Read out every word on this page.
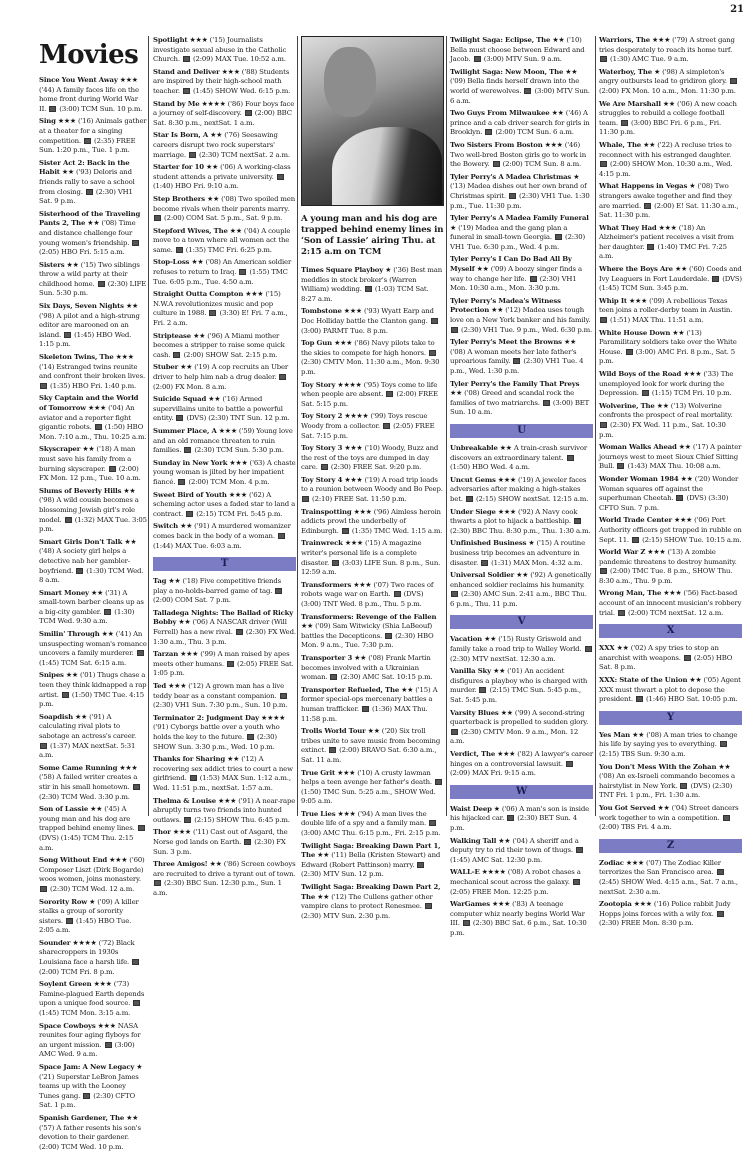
21
Movies
Since You Went Away ★★★ ('44) A family faces life on the home front during World War II. (3:00) TCM Sun. 10 p.m.
Sing ★★★ ('16) Animals gather at a theater for a singing competition. (2:35) FREE Sun. 1:20 p.m., Tue. 1 p.m.
Sister Act 2: Back in the Habit ★★ ('93) Deloris and friends rally to save a school from closing. (2:30) VH1 Sat. 9 p.m.
Sisterhood of the Traveling Pants 2, The ★★ ('08) Time and distance challenge four young women's friendship.  (2:05) HBO Fri. 5:15 a.m.
Sisters ★★ ('15) Two siblings throw a wild party at their childhood home. (2:30) LIFE Sun. 5:30 p.m.
Six Days, Seven Nights ★★ ('98) A pilot and a high-strung editor are marooned on an island. (1:45) HBO Wed. 1:15 p.m.
Skeleton Twins, The ★★★ ('14) Estranged twins reunite and confront their broken lives.  (1:35) HBO Fri. 1:40 p.m.
Sky Captain and the World of Tomorrow ★★★ ('04) An aviator and a reporter fight gigantic robots. (1:50) HBO Mon. 7:10 a.m., Thu. 10:25 a.m.
Skyscraper ★★ ('18) A man must save his family from a burning skyscraper. (2:00) FX Mon. 12 p.m., Tue. 10 a.m.
Slums of Beverly Hills ★★ ('98) A wild cousin becomes a blossoming Jewish girl's role model. (1:32) MAX Tue. 3:05 p.m.
Smart Girls Don't Talk ★★ ('48) A society girl helps a detective nab her gambler-boyfriend. (1:30) TCM Wed. 8 a.m.
Smart Money ★★ ('31) A small-town barber cleans up as a big-city gambler. (1:30) TCM Wed. 9:30 a.m.
Smilin' Through ★★ ('41) An unsuspecting woman's romance uncovers a family murderer.  (1:45) TCM Sat. 6:15 a.m.
Snipes ★★ ('01) Thugs chase a teen they think kidnapped a rap artist. (1:50) TMC Tue. 4:15 p.m.
Soapdish ★★ ('91) A calculating rival plots to sabotage an actress's career.  (1:37) MAX nextSat. 5:31 a.m.
Some Came Running ★★★ ('58) A failed writer creates a stir in his small hometown.  (2:30) TCM Wed. 3:30 p.m.
Son of Lassie ★★ ('45) A young man and his dog are trapped behind enemy lines.  (DVS) (1:45) TCM Thu. 2:15 a.m.
Song Without End ★★★ ('60) Composer Liszt (Dirk Bogarde) woos women, joins monastery.  (2:30) TCM Wed. 12 a.m.
Sorority Row ★ ('09) A killer stalks a group of sorority sisters. (1:45) HBO Tue. 2:05 a.m.
Sounder ★★★★ ('72) Black sharecroppers in 1930s Louisiana face a harsh life.  (2:00) TCM Fri. 8 p.m.
Soylent Green ★★★ ('73) Famine-plagued Earth depends upon a unique food source.  (1:45) TCM Mon. 3:15 a.m.
Space Cowboys ★★★ NASA reunites four aging flyboys for an urgent mission. (3:00) AMC Wed. 9 a.m.
Space Jam: A New Legacy ★ ('21) Superstar LeBron James teams up with the Looney Tunes gang. (2:30) CFTO Sat. 1 p.m.
Spanish Gardener, The ★★ ('57) A father resents his son's devotion to their gardener. (2:00) TCM Wed. 10 p.m.
Spotlight ★★★ ('15) Journalists investigate sexual abuse in the Catholic Church. (2:09) MAX Tue. 10:52 a.m.
Stand and Deliver ★★★ ('88) Students are inspired by their high-school math teacher. (1:45) SHOW Wed. 6:15 p.m.
Stand by Me ★★★★ ('86) Four boys face a journey of self-discovery. (2:00) BBC Sat. 8:30 p.m., nextSat. 1 a.m.
Star Is Born, A ★★ ('76) Seesawing careers disrupt two rock superstars' marriage. (2:30) TCM nextSat. 2 a.m.
Starter for 10 ★★ ('06) A working-class student attends a private university.  (1:40) HBO Fri. 9:10 a.m.
Step Brothers ★★ ('08) Two spoiled men become rivals when their parents marry.  (2:00) COM Sat. 5 p.m., Sat. 9 p.m.
Stepford Wives, The ★★ ('04) A couple move to a town where all women act the same. (1:35) TMC Fri. 6:25 p.m.
Stop-Loss ★★ ('08) An American soldier refuses to return to Iraq. (1:55) TMC Tue. 6:05 p.m., Tue. 4:50 a.m.
Straight Outta Compton ★★★ ('15) N.W.A revolutionizes music and pop culture in 1988. (3:30) E! Fri. 7 a.m., Fri. 2 a.m.
Striptease ★★ ('96) A Miami mother becomes a stripper to raise some quick cash. (2:00) SHOW Sat. 2:15 p.m.
Stuber ★★ ('19) A cop recruits an Uber driver to help him nab a drug dealer.  (2:00) FX Mon. 8 a.m.
Suicide Squad ★★ ('16) Armed supervillains unite to battle a powerful entity. (DVS) (2:30) TNT Sun. 12 p.m.
Summer Place, A ★★★ ('59) Young love and an old romance threaten to ruin families. (2:30) TCM Sun. 5:30 p.m.
Sunday in New York ★★★ ('63) A chaste young woman is jilted by her impatient fiancé. (2:00) TCM Mon. 4 p.m.
Sweet Bird of Youth ★★★ ('62) A scheming actor uses a faded star to land a contract. (2:15) TCM Fri. 5:45 p.m.
Switch ★★ ('91) A murdered womanizer comes back in the body of a woman.  (1:44) MAX Tue. 6:03 a.m.
T
Tag ★★ ('18) Five competitive friends play a no-holds-barred game of tag.  (2:00) COM Sat. 7 p.m.
Talladega Nights: The Ballad of Ricky Bobby ★★ ('06) A NASCAR driver (Will Ferrell) has a new rival. (2:30) FX Wed. 1:30 a.m., Thu. 3 p.m.
Tarzan ★★★ ('99) A man raised by apes meets other humans. (2:05) FREE Sat. 1:05 p.m.
Ted ★★★ ('12) A grown man has a live teddy bear as a constant companion.  (2:30) VH1 Sun. 7:30 p.m., Sun. 10 p.m.
Terminator 2: Judgment Day ★★★★ ('91) Cyborgs battle over a youth who holds the key to the future. (2:30) SHOW Sun. 3:30 p.m., Wed. 10 p.m.
Thanks for Sharing ★★ ('12) A recovering sex addict tries to court a new girlfriend. (1:53) MAX Sun. 1:12 a.m., Wed. 11:51 p.m., nextSat. 1:57 a.m.
Thelma & Louise ★★★ ('91) A near-rape abruptly turns two friends into hunted outlaws. (2:15) SHOW Thu. 6:45 p.m.
Thor ★★★ ('11) Cast out of Asgard, the Norse god lands on Earth. (2:30) FX Sun. 3 p.m.
Three Amigos! ★★ ('86) Screen cowboys are recruited to drive a tyrant out of town.  (2:30) BBC Sun. 12:30 p.m., Sun. 1 a.m.
A young man and his dog are trapped behind enemy lines in ‘Son of Lassie’ airing Thu. at 2:15 a.m on TCM
Times Square Playboy ★ ('36) Best man meddles in stock broker's (Warren William) wedding. (1:03) TCM Sat. 8:27 a.m.
Tombstone ★★★ ('93) Wyatt Earp and Doc Holliday battle the Clanton gang.  (3:00) PARMT Tue. 8 p.m.
Top Gun ★★★ ('86) Navy pilots take to the skies to compete for high honors.  (2:30) CMTV Mon. 11:30 a.m., Mon. 9:30 p.m.
Toy Story ★★★★ ('95) Toys come to life when people are absent. (2:00) FREE Sat. 5:15 p.m.
Toy Story 2 ★★★★ ('99) Toys rescue Woody from a collector. (2:05) FREE Sat. 7:15 p.m.
Toy Story 3 ★★★ ('10) Woody, Buzz and the rest of the toys are dumped in day care. (2:30) FREE Sat. 9:20 p.m.
Toy Story 4 ★★★ ('19) A road trip leads to a reunion between Woody and Bo Peep.  (2:10) FREE Sat. 11:50 p.m.
Trainspotting ★★★ ('96) Aimless heroin addicts prowl the underbelly of Edinburgh. (1:35) TMC Wed. 1:15 a.m.
Trainwreck ★★★ ('15) A magazine writer's personal life is a complete disaster. (3:03) LIFE Sun. 8 p.m., Sun. 12:59 a.m.
Transformers ★★★ ('07) Two races of robots wage war on Earth. (DVS) (3:00) TNT Wed. 8 p.m., Thu. 5 p.m.
Transformers: Revenge of the Fallen ★★ ('09) Sam Witwicky (Shia LaBeouf) battles the Decepticons. (2:30) HBO Mon. 9 a.m., Tue. 7:30 p.m.
Transporter 3 ★★ ('08) Frank Martin becomes involved with a Ukrainian woman. (2:30) AMC Sat. 10:15 p.m.
Transporter Refueled, The ★★ ('15) A former special-ops mercenary battles a human trafficker. (1:36) MAX Thu. 11:58 p.m.
Trolls World Tour ★★ ('20) Six troll tribes unite to save music from becoming extinct. (2:00) BRAVO Sat. 6:30 a.m., Sat. 11 a.m.
True Grit ★★★ ('10) A crusty lawman helps a teen avenge her father's death.  (1:50) TMC Sun. 5:25 a.m., SHOW Wed. 9:05 a.m.
True Lies ★★★ ('94) A man lives the double life of a spy and a family man.  (3:00) AMC Thu. 6:15 p.m., Fri. 2:15 p.m.
Twilight Saga: Breaking Dawn Part 1, The ★★ ('11) Bella (Kristen Stewart) and Edward (Robert Pattinson) marry.  (2:30) MTV Sun. 12 p.m.
Twilight Saga: Breaking Dawn Part 2, The ★★ ('12) The Cullens gather other vampire clans to protect Renesmee.  (2:30) MTV Sun. 2:30 p.m.
Twilight Saga: Eclipse, The ★★ ('10) Bella must choose between Edward and Jacob. (3:00) MTV Sun. 9 a.m.
Twilight Saga: New Moon, The ★★ ('09) Bella finds herself drawn into the world of werewolves. (3:00) MTV Sun. 6 a.m.
Two Guys From Milwaukee ★★ ('46) A prince and a cab driver search for girls in Brooklyn. (2:00) TCM Sun. 6 a.m.
Two Sisters From Boston ★★★ ('46) Two well-bred Boston girls go to work in the Bowery. (2:00) TCM Sun. 8 a.m.
Tyler Perry's A Madea Christmas ★ ('13) Madea dishes out her own brand of Christmas spirit. (2:30) VH1 Tue. 1:30 p.m., Tue. 11:30 p.m.
Tyler Perry's A Madea Family Funeral ★ ('19) Madea and the gang plan a funeral in small-town Georgia. (2:30) VH1 Tue. 6:30 p.m., Wed. 4 p.m.
Tyler Perry's I Can Do Bad All By Myself ★★ ('09) A boozy singer finds a way to change her life. (2:30) VH1 Mon. 10:30 a.m., Mon. 3:30 p.m.
Tyler Perry's Madea's Witness Protection ★★ ('12) Madea uses tough love on a New York banker and his family.  (2:30) VH1 Tue. 9 p.m., Wed. 6:30 p.m.
Tyler Perry's Meet the Browns ★★ ('08) A woman meets her late father's uproarious family. (2:30) VH1 Tue. 4 p.m., Wed. 1:30 p.m.
Tyler Perry's the Family That Preys ★★ ('08) Greed and scandal rock the families of two matriarchs. (3:00) BET Sun. 10 a.m.
U
Unbreakable ★★ A train-crash survivor discovers an extraordinary talent.  (1:50) HBO Wed. 4 a.m.
Uncut Gems ★★★ ('19) A jeweler faces adversaries after making a high-stakes bet. (2:15) SHOW nextSat. 12:15 a.m.
Under Siege ★★★ ('92) A Navy cook thwarts a plot to hijack a battleship.  (2:30) BBC Thu. 8:30 p.m., Thu. 1:30 a.m.
Unfinished Business ★ ('15) A routine business trip becomes an adventure in disaster. (1:31) MAX Mon. 4:32 a.m.
Universal Soldier ★★ ('92) A genetically enhanced soldier reclaims his humanity.  (2:30) AMC Sun. 2:41 a.m., BBC Thu. 6 p.m., Thu. 11 p.m.
V
Vacation ★★ ('15) Rusty Griswold and family take a road trip to Walley World.  (2:30) MTV nextSat. 12:30 a.m.
Vanilla Sky ★★ ('01) An accident disfigures a playboy who is charged with murder. (2:15) TMC Sun. 5:45 p.m., Sat. 5:45 p.m.
Varsity Blues ★★ ('99) A second-string quarterback is propelled to sudden glory.  (2:30) CMTV Mon. 9 a.m., Mon. 12 a.m.
Verdict, The ★★★ ('82) A lawyer's career hinges on a controversial lawsuit.  (2:09) MAX Fri. 9:15 a.m.
W
Waist Deep ★ ('06) A man's son is inside his hijacked car. (2:30) BET Sun. 4 p.m.
Walking Tall ★★ ('04) A sheriff and a deputy try to rid their town of thugs.  (1:45) AMC Sat. 12:30 p.m.
WALL-E ★★★★ ('08) A robot chases a mechanical scout across the galaxy.  (2:05) FREE Mon. 12:25 p.m.
WarGames ★★★ ('83) A teenage computer whiz nearly begins World War III. (2:30) BBC Sat. 6 p.m., Sat. 10:30 p.m.
Warriors, The ★★★ ('79) A street gang tries desperately to reach its home turf.  (1:30) AMC Tue. 9 a.m.
Waterboy, The ★ ('98) A simpleton's angry outbursts lead to gridiron glory.  (2:00) FX Mon. 10 a.m., Mon. 11:30 p.m.
We Are Marshall ★★ ('06) A new coach struggles to rebuild a college football team. (3:00) BBC Fri. 6 p.m., Fri. 11:30 p.m.
Whale, The ★★ ('22) A recluse tries to reconnect with his estranged daughter.  (2:00) SHOW Mon. 10:30 a.m., Wed. 4:15 p.m.
What Happens in Vegas ★ ('08) Two strangers awake together and find they are married. (2:00) E! Sat. 11:30 a.m., Sat. 11:30 p.m.
What They Had ★★★ ('18) An Alzheimer's patient receives a visit from her daughter. (1:40) TMC Fri. 7:25 a.m.
Where the Boys Are ★★ ('60) Coeds and Ivy Leaguers in Fort Lauderdale. (DVS) (1:45) TCM Sun. 3:45 p.m.
Whip It ★★★ ('09) A rebellious Texas teen joins a roller-derby team in Austin.  (1:51) MAX Thu. 11:51 a.m.
White House Down ★★ ('13) Paramilitary soldiers take over the White House. (3:00) AMC Fri. 8 p.m., Sat. 5 p.m.
Wild Boys of the Road ★★★ ('33) The unemployed look for work during the Depression. (1:15) TCM Fri. 10 p.m.
Wolverine, The ★★ ('13) Wolverine confronts the prospect of real mortality.  (2:30) FX Wed. 11 p.m., Sat. 10:30 p.m.
Woman Walks Ahead ★★ ('17) A painter journeys west to meet Sioux Chief Sitting Bull. (1:43) MAX Thu. 10:08 a.m.
Wonder Woman 1984 ★★ ('20) Wonder Woman squares off against the superhuman Cheetah. (DVS) (3:30) CFTO Sun. 7 p.m.
World Trade Center ★★★ ('06) Port Authority officers get trapped in rubble on Sept. 11. (2:15) SHOW Tue. 10:15 a.m.
World War Z ★★★ ('13) A zombie pandemic threatens to destroy humanity.  (2:00) TMC Tue. 8 p.m., SHOW Thu. 8:30 a.m., Thu. 9 p.m.
Wrong Man, The ★★★ ('56) Fact-based account of an innocent musician's robbery trial. (2:00) TCM nextSat. 12 a.m.
X
XXX ★★ ('02) A spy tries to stop an anarchist with weapons. (2:05) HBO Sat. 8 p.m.
XXX: State of the Union ★★ ('05) Agent XXX must thwart a plot to depose the president. (1:46) HBO Sat. 10:05 p.m.
Y
Yes Man ★★ ('08) A man tries to change his life by saying yes to everything.  (2:15) TBS Sun. 9:30 a.m.
You Don't Mess With the Zohan ★★ ('08) An ex-Israeli commando becomes a hairstylist in New York. (DVS) (2:30) TNT Fri. 1 p.m., Fri. 1:30 a.m.
You Got Served ★★ ('04) Street dancers work together to win a competition.  (2:00) TBS Fri. 4 a.m.
Z
Zodiac ★★★ ('07) The Zodiac Killer terrorizes the San Francisco area.  (2:45) SHOW Wed. 4:15 a.m., Sat. 7 a.m., nextSat. 2:30 a.m.
Zootopia ★★★ ('16) Police rabbit Judy Hopps joins forces with a wily fox.  (2:30) FREE Mon. 8:30 p.m.
